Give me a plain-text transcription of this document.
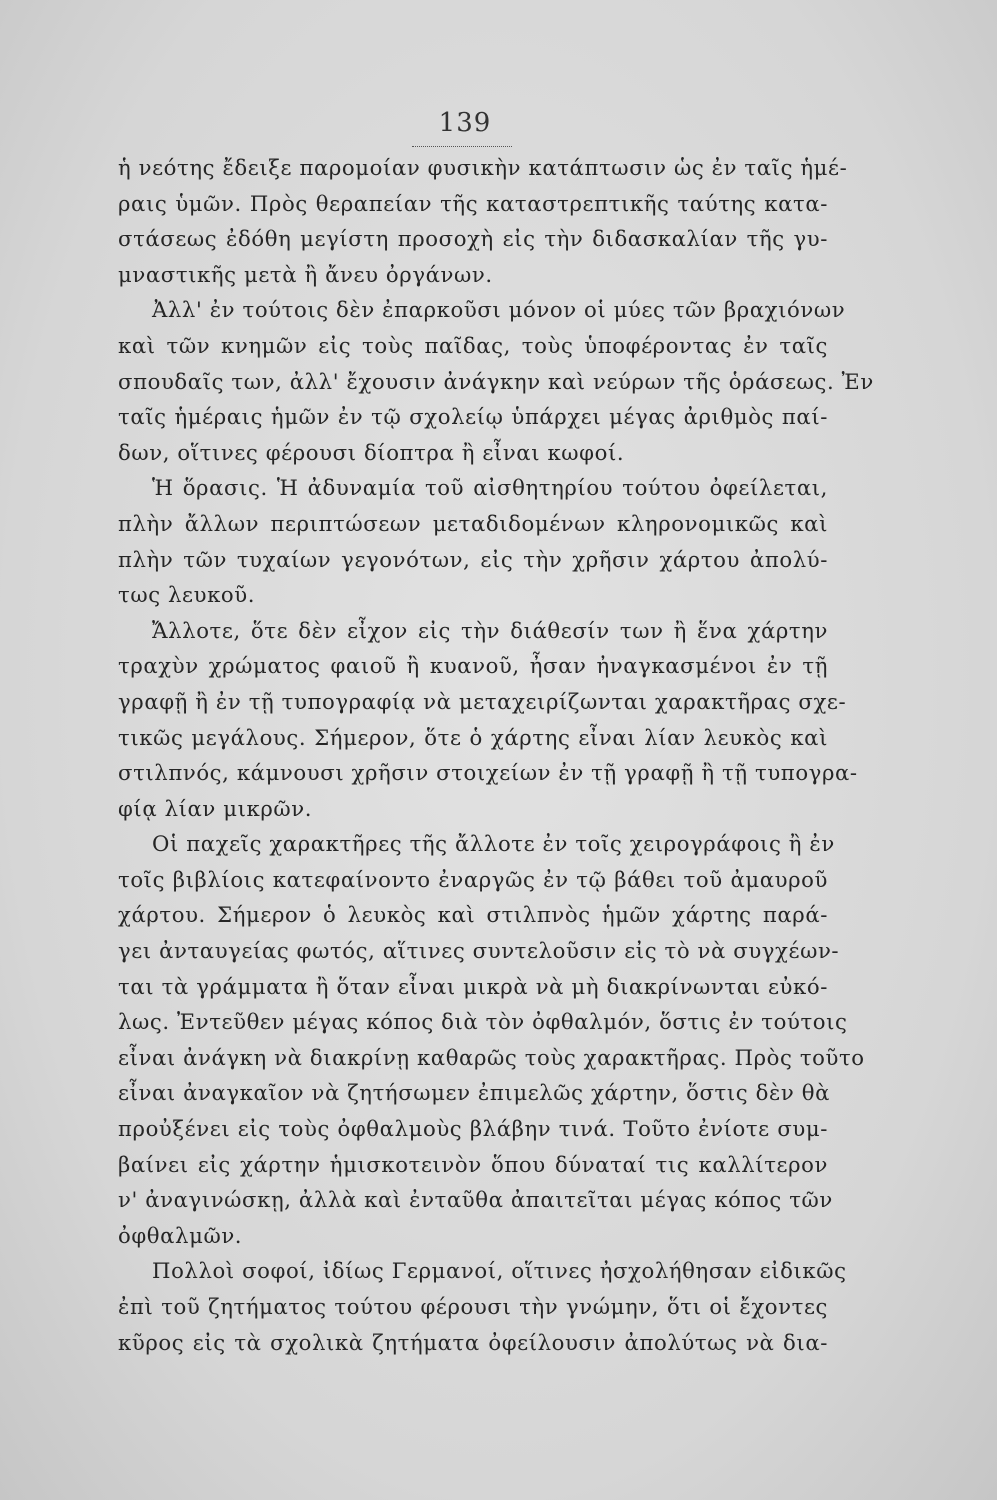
139
ἡ νεότης ἔδειξε παρομοίαν φυσικὴν κατάπτωσιν ὡς ἐν ταῖς ἡμέ-
ραις ὑμῶν. Πρὸς θεραπείαν τῆς καταστρεπτικῆς ταύτης κατα-
στάσεως ἐδόθη μεγίστη προσοχὴ εἰς τὴν διδασκαλίαν τῆς γυ-
μναστικῆς μετὰ ἢ ἄνευ ὀργάνων.
Ἀλλ' ἐν τούτοις δὲν ἐπαρκοῦσι μόνον οἱ μύες τῶν βραχιόνων
καὶ τῶν κνημῶν εἰς τοὺς παῖδας, τοὺς ὑποφέροντας ἐν ταῖς
σπουδαῖς των, ἀλλ' ἔχουσιν ἀνάγκην καὶ νεύρων τῆς ὁράσεως. Ἐν
ταῖς ἡμέραις ἡμῶν ἐν τῷ σχολείῳ ὑπάρχει μέγας ἀριθμὸς παί-
δων, οἵτινες φέρουσι δίοπτρα ἢ εἶναι κωφοί.
Ἡ ὅρασις. Ἡ ἀδυναμία τοῦ αἰσθητηρίου τούτου ὀφείλεται,
πλὴν ἄλλων περιπτώσεων μεταδιδομένων κληρονομικῶς καὶ
πλὴν τῶν τυχαίων γεγονότων, εἰς τὴν χρῆσιν χάρτου ἀπολύ-
τως λευκοῦ.
Ἄλλοτε, ὅτε δὲν εἶχον εἰς τὴν διάθεσίν των ἢ ἕνα χάρτην
τραχὺν χρώματος φαιοῦ ἢ κυανοῦ, ἦσαν ἠναγκασμένοι ἐν τῇ
γραφῇ ἢ ἐν τῇ τυπογραφίᾳ νὰ μεταχειρίζωνται χαρακτῆρας σχε-
τικῶς μεγάλους. Σήμερον, ὅτε ὁ χάρτης εἶναι λίαν λευκὸς καὶ
στιλπνός, κάμνουσι χρῆσιν στοιχείων ἐν τῇ γραφῇ ἢ τῇ τυπογρα-
φίᾳ λίαν μικρῶν.
Οἱ παχεῖς χαρακτῆρες τῆς ἄλλοτε ἐν τοῖς χειρογράφοις ἢ ἐν
τοῖς βιβλίοις κατεφαίνοντο ἐναργῶς ἐν τῷ βάθει τοῦ ἀμαυροῦ
χάρτου. Σήμερον ὁ λευκὸς καὶ στιλπνὸς ἡμῶν χάρτης παρά-
γει ἀνταυγείας φωτός, αἵτινες συντελοῦσιν εἰς τὸ νὰ συγχέων-
ται τὰ γράμματα ἢ ὅταν εἶναι μικρὰ νὰ μὴ διακρίνωνται εὐκό-
λως. Ἐντεῦθεν μέγας κόπος διὰ τὸν ὀφθαλμόν, ὅστις ἐν τούτοις
εἶναι ἀνάγκη νὰ διακρίνῃ καθαρῶς τοὺς χαρακτῆρας. Πρὸς τοῦτο
εἶναι ἀναγκαῖον νὰ ζητήσωμεν ἐπιμελῶς χάρτην, ὅστις δὲν θὰ
προὐξένει εἰς τοὺς ὀφθαλμοὺς βλάβην τινά. Τοῦτο ἐνίοτε συμ-
βαίνει εἰς χάρτην ἡμισκοτεινὸν ὅπου δύναταί τις καλλίτερον
ν' ἀναγινώσκῃ, ἀλλὰ καὶ ἐνταῦθα ἀπαιτεῖται μέγας κόπος τῶν
ὀφθαλμῶν.
Πολλοὶ σοφοί, ἰδίως Γερμανοί, οἵτινες ἠσχολήθησαν εἰδικῶς
ἐπὶ τοῦ ζητήματος τούτου φέρουσι τὴν γνώμην, ὅτι οἱ ἔχοντες
κῦρος εἰς τὰ σχολικὰ ζητήματα ὀφείλουσιν ἀπολύτως νὰ δια-
